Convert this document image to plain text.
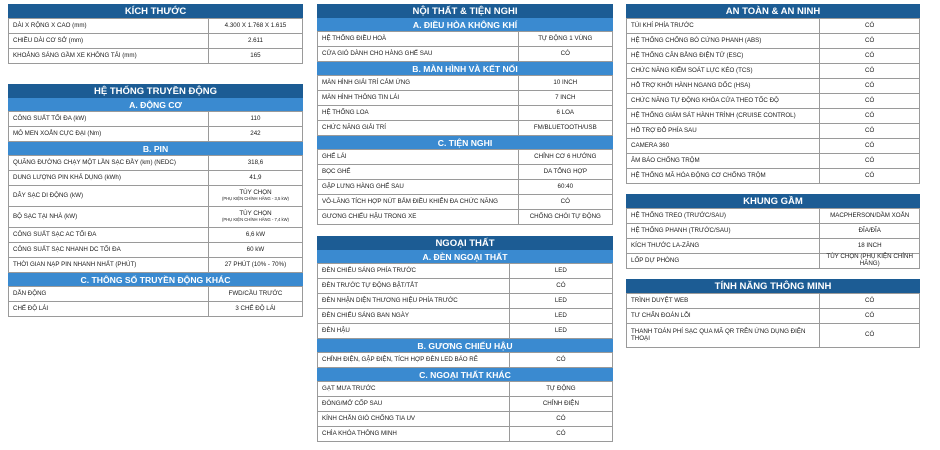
KÍCH THƯỚC
DÀI X RỘNG X CAO (mm)	4.300 X 1.768 X 1.615
CHIỀU DÀI CƠ SỞ (mm)	2.611
KHOẢNG SÁNG GẦM XE KHÔNG TẢI (mm)	165
HỆ THỐNG TRUYỀN ĐỘNG
A. ĐỘNG CƠ
CÔNG SUẤT TỐI ĐA (kW)	110
MÔ MEN XOẮN CỰC ĐẠI (Nm)	242
B. PIN
QUÃNG ĐƯỜNG CHẠY MỘT LẦN SẠC ĐẦY (km) (NEDC)	318,6
DUNG LƯỢNG PIN KHẢ DỤNG (kWh)	41,9
DÂY SẠC DI ĐỘNG (kW)	TÙY CHỌN
(PHỤ KIỆN CHÍNH HÃNG - 3,5 kW)

BỘ SẠC TẠI NHÀ (kW)	TÙY CHỌN
(PHỤ KIỆN CHÍNH HÃNG - 7,4 kW)

CÔNG SUẤT SẠC AC TỐI ĐA	6,6 kW
CÔNG SUẤT SẠC NHANH DC TỐI ĐA	60 kW
THỜI GIAN NẠP PIN NHANH NHẤT (PHÚT)	27 PHÚT (10% - 70%)
C. THÔNG SỐ TRUYỀN ĐỘNG KHÁC
DẪN ĐỘNG	FWD/CẦU TRƯỚC
CHẾ ĐỘ LÁI	3 CHẾ ĐỘ LÁI
NỘI THẤT & TIỆN NGHI
A. ĐIỀU HÒA KHÔNG KHÍ
HỆ THỐNG ĐIỀU HOÀ	TỰ ĐỘNG 1 VÙNG
CỬA GIÓ DÀNH CHO HÀNG GHẾ SAU	CÓ
B. MÀN HÌNH VÀ KẾT NỐI
MÀN HÌNH GIẢI TRÍ CẢM ỨNG	10 INCH
MÀN HÌNH THÔNG TIN LÁI	7 INCH
HỆ THỐNG LOA	6 LOA
CHỨC NĂNG GIẢI TRÍ	FM/BLUETOOTH/USB
C. TIỆN NGHI
GHẾ LÁI	CHỈNH CƠ 6 HƯỚNG
BỌC GHẾ	DA TỔNG HỢP
GẬP LƯNG HÀNG GHẾ SAU	60:40
VÔ-LĂNG TÍCH HỢP NÚT BẤM ĐIỀU KHIỂN ĐA CHỨC NĂNG	CÓ
GƯƠNG CHIẾU HẬU TRONG XE	CHỐNG CHÓI TỰ ĐỘNG
NGOẠI THẤT
A. ĐÈN NGOẠI THẤT
ĐÈN CHIẾU SÁNG PHÍA TRƯỚC	LED
ĐÈN TRƯỚC TỰ ĐỘNG BẬT/TẮT	CÓ
ĐÈN NHẬN DIỆN THƯƠNG HIỆU PHÍA TRƯỚC	LED
ĐÈN CHIẾU SÁNG BAN NGÀY	LED
ĐÈN HẬU	LED
B. GƯƠNG CHIẾU HẬU
CHỈNH ĐIỆN, GẬP ĐIỆN, TÍCH HỢP ĐÈN LED BÁO RẼ	CÓ
C. NGOẠI THẤT KHÁC
GẠT MƯA TRƯỚC	TỰ ĐỘNG
ĐÓNG/MỞ CỐP SAU	CHỈNH ĐIỆN
KÍNH CHẮN GIÓ CHỐNG TIA UV	CÓ
CHÌA KHÓA THÔNG MINH	CÓ
AN TOÀN & AN NINH
TÚI KHÍ PHÍA TRƯỚC	CÓ
HỆ THỐNG CHỐNG BÓ CỨNG PHANH (ABS)	CÓ
HỆ THỐNG CÂN BẰNG ĐIỆN TỬ (ESC)	CÓ
CHỨC NĂNG KIỂM SOÁT LỰC KÉO (TCS)	CÓ
HỖ TRỢ KHỞI HÀNH NGANG DỐC (HSA)	CÓ
CHỨC NĂNG TỰ ĐỘNG KHÓA CỬA THEO TỐC ĐỘ	CÓ
HỆ THỐNG GIÁM SÁT HÀNH TRÌNH (CRUISE CONTROL)	CÓ
HỖ TRỢ ĐỖ PHÍA SAU	CÓ
CAMERA 360	CÓ
ÂM BÁO CHỐNG TRỘM	CÓ
HỆ THỐNG MÃ HÓA ĐỘNG CƠ CHỐNG TRỘM	CÓ
KHUNG GẦM
HỆ THỐNG TREO (TRƯỚC/SAU)	MACPHERSON/DẦM XOẮN
HỆ THỐNG PHANH (TRƯỚC/SAU)	ĐĨA/ĐĨA
KÍCH THƯỚC LA-ZĂNG	18 INCH
LỐP DỰ PHÒNG	TÙY CHỌN (PHỤ KIỆN CHÍNH HÃNG)
TÍNH NĂNG THÔNG MINH
TRÌNH DUYỆT WEB	CÓ
TƯ CHẨN ĐOÁN LỖI	CÓ
THANH TOÁN PHÍ SẠC QUA MÃ QR TRÊN ỨNG DỤNG ĐIỆN THOẠI	CÓ
